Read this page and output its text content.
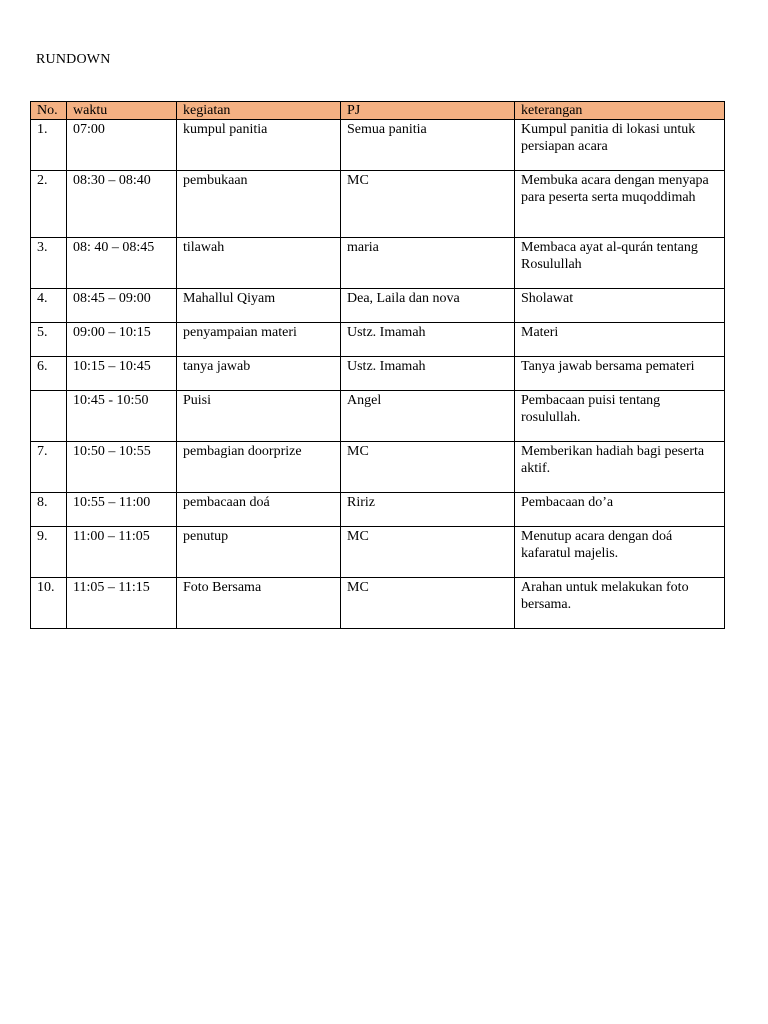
RUNDOWN
No.	waktu	kegiatan	PJ	keterangan
1.	07:00	kumpul panitia	Semua panitia	Kumpul panitia di lokasi untuk persiapan acara
2.	08:30 – 08:40	pembukaan	MC	Membuka acara dengan menyapa para peserta serta muqoddimah
3.	08: 40 – 08:45	tilawah	maria	Membaca ayat al-qurán tentang Rosulullah
4.	08:45 – 09:00	Mahallul Qiyam	Dea, Laila dan nova	Sholawat
5.	09:00 – 10:15	penyampaian materi	Ustz. Imamah	Materi
6.	10:15 – 10:45	tanya jawab	Ustz. Imamah	Tanya jawab bersama pemateri
	10:45 - 10:50	Puisi	Angel	Pembacaan puisi tentang rosulullah.
7.	10:50 – 10:55	pembagian doorprize	MC	Memberikan hadiah bagi peserta aktif.
8.	10:55 – 11:00	pembacaan doá	Ririz	Pembacaan do’a
9.	11:00 – 11:05	penutup	MC	Menutup acara dengan doá kafaratul majelis.
10.	11:05 – 11:15	Foto Bersama	MC	Arahan untuk melakukan foto bersama.
